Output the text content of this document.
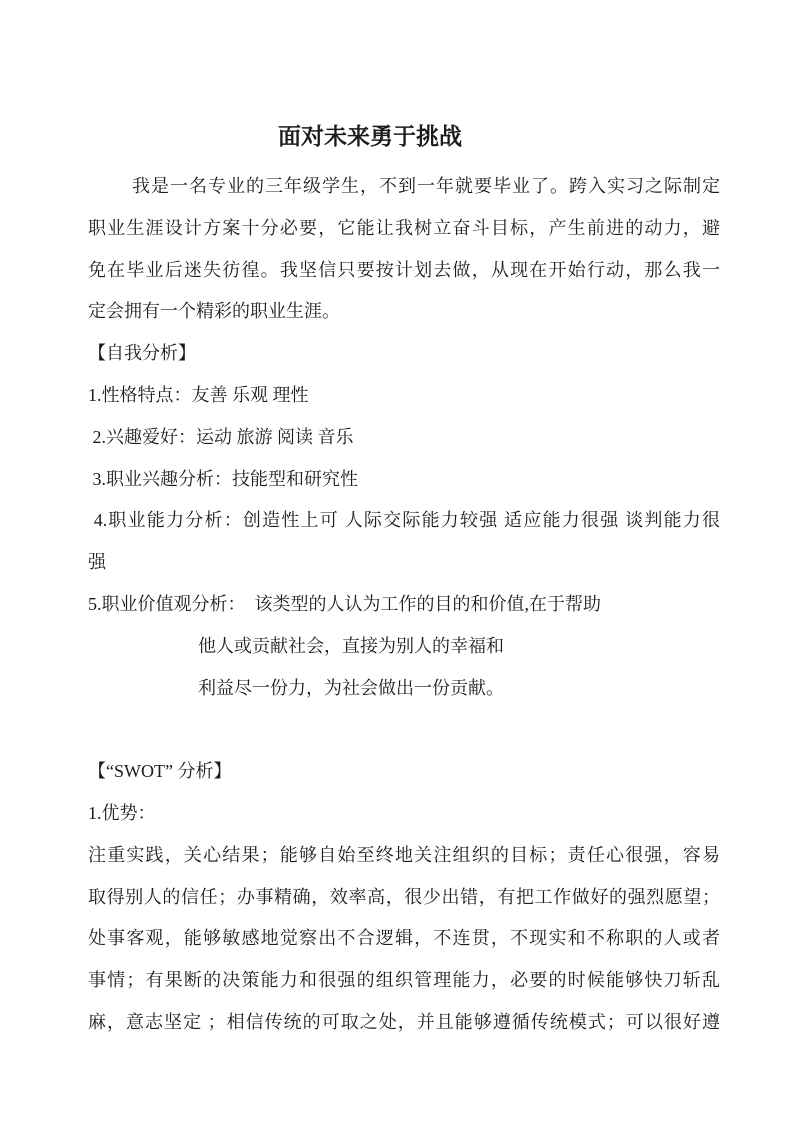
面对未来勇于挑战
我是一名专业的三年级学生，不到一年就要毕业了。跨入实习之际制定
职业生涯设计方案十分必要，它能让我树立奋斗目标，产生前进的动力，避
免在毕业后迷失彷徨。我坚信只要按计划去做，从现在开始行动，那么我一
定会拥有一个精彩的职业生涯。
【自我分析】
1.性格特点：友善 乐观 理性
2.兴趣爱好：运动 旅游 阅读 音乐
3.职业兴趣分析：技能型和研究性
4.职业能力分析：创造性上可 人际交际能力较强 适应能力很强 谈判能力很
强
5.职业价值观分析：　该类型的人认为工作的目的和价值,在于帮助
他人或贡献社会，直接为别人的幸福和
利益尽一份力，为社会做出一份贡献。
【“SWOT” 分析】
1.优势：
注重实践，关心结果；能够自始至终地关注组织的目标；责任心很强，容易
取得别人的信任；办事精确，效率高，很少出错，有把工作做好的强烈愿望；
处事客观，能够敏感地觉察出不合逻辑，不连贯，不现实和不称职的人或者
事情；有果断的决策能力和很强的组织管理能力，必要的时候能够快刀斩乱
麻，意志坚定 ；相信传统的可取之处，并且能够遵循传统模式；可以很好遵
